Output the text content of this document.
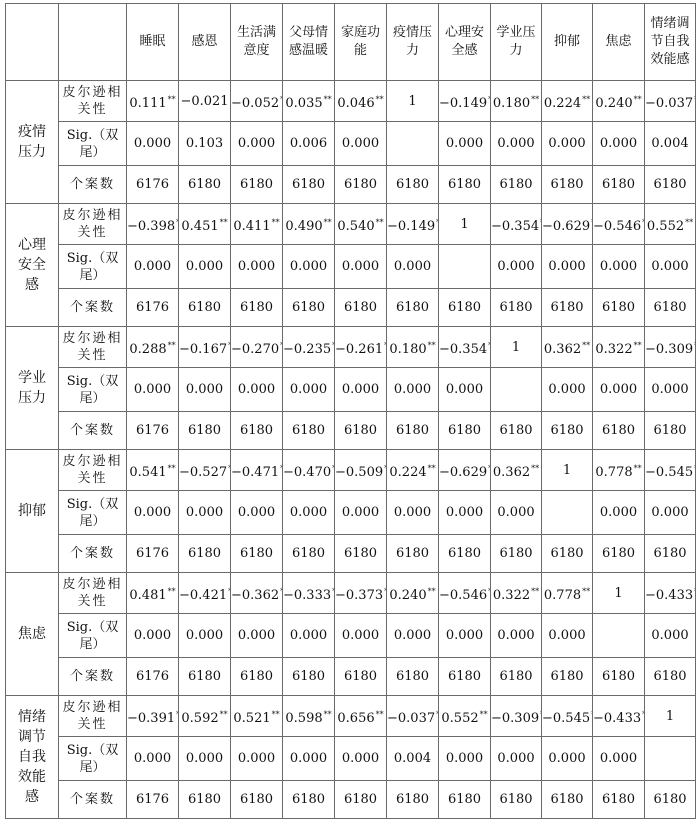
		睡眠	感恩	生活满意度	父母情感温暖	家庭功能	疫情压力	心理安全感	学业压力	抑郁	焦虑	情绪调节自我效能感
疫情压力	皮尔逊相关性	0.111**	−0.021	−0.052	0.035**	0.046**	1	−0.149	0.180**	0.224**	0.240**	−0.037
	Sig.（双尾）	0.000	0.103	0.000	0.006	0.000		0.000	0.000	0.000	0.000	0.004
	个案数	6176	6180	6180	6180	6180	6180	6180	6180	6180	6180	6180
心理安全感	皮尔逊相关性	−0.398	0.451**	0.411**	0.490**	0.540**	−0.149	1	−0.354	−0.629	−0.546	0.552**
	Sig.（双尾）	0.000	0.000	0.000	0.000	0.000	0.000		0.000	0.000	0.000	0.000
	个案数	6176	6180	6180	6180	6180	6180	6180	6180	6180	6180	6180
学业压力	皮尔逊相关性	0.288**	−0.167	−0.270	−0.235	−0.261	0.180**	−0.354	1	0.362**	0.322**	−0.309
	Sig.（双尾）	0.000	0.000	0.000	0.000	0.000	0.000	0.000		0.000	0.000	0.000
	个案数	6176	6180	6180	6180	6180	6180	6180	6180	6180	6180	6180
抑郁	皮尔逊相关性	0.541**	−0.527	−0.471	−0.470	−0.509	0.224**	−0.629	0.362**	1	0.778**	−0.545
	Sig.（双尾）	0.000	0.000	0.000	0.000	0.000	0.000	0.000	0.000		0.000	0.000
	个案数	6176	6180	6180	6180	6180	6180	6180	6180	6180	6180	6180
焦虑	皮尔逊相关性	0.481**	−0.421	−0.362	−0.333	−0.373	0.240**	−0.546	0.322**	0.778**	1	−0.433
	Sig.（双尾）	0.000	0.000	0.000	0.000	0.000	0.000	0.000	0.000	0.000		0.000
	个案数	6176	6180	6180	6180	6180	6180	6180	6180	6180	6180	6180
情绪调节自我效能感	皮尔逊相关性	−0.391	0.592**	0.521**	0.598**	0.656**	−0.037	0.552**	−0.309	−0.545	−0.433	1
	Sig.（双尾）	0.000	0.000	0.000	0.000	0.000	0.004	0.000	0.000	0.000	0.000	
	个案数	6176	6180	6180	6180	6180	6180	6180	6180	6180	6180	6180
